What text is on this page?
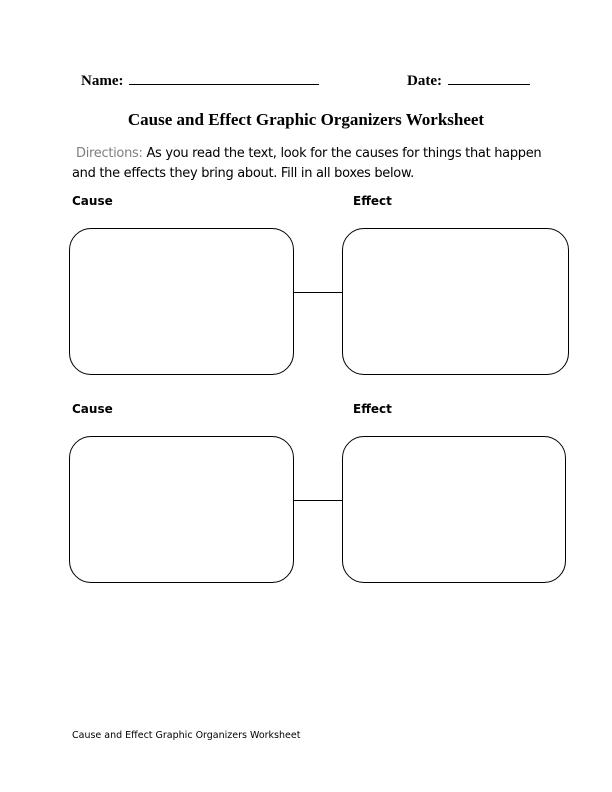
Name:	Date:
Cause and Effect Graphic Organizers Worksheet
Directions: As you read the text, look for the causes for things that happen and the effects they bring about. Fill in all boxes below.
Cause	Effect
Cause	Effect
Cause and Effect Graphic Organizers Worksheet
